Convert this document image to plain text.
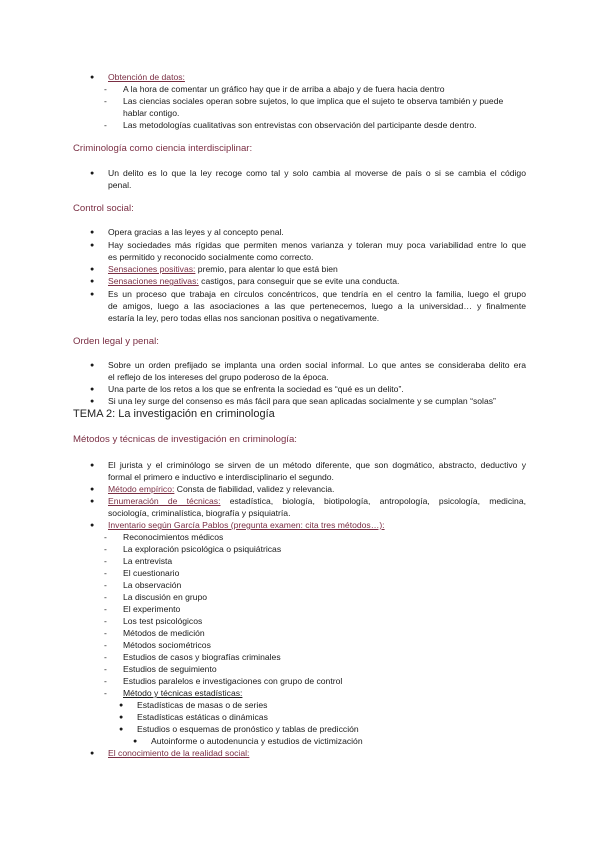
● Obtención de datos:
- A la hora de comentar un gráfico hay que ir de arriba a abajo y de fuera hacia dentro
- Las ciencias sociales operan sobre sujetos, lo que implica que el sujeto te observa también y puede
hablar contigo.
- Las metodologías cualitativas son entrevistas con observación del participante desde dentro.
Criminología como ciencia interdisciplinar:
● Un delito es lo que la ley recoge como tal y solo cambia al moverse de país o si se cambia el código
penal.
Control social:
● Opera gracias a las leyes y al concepto penal.
● Hay sociedades más rígidas que permiten menos varianza y toleran muy poca variabilidad entre lo que
es permitido y reconocido socialmente como correcto.
● Sensaciones positivas: premio, para alentar lo que está bien
● Sensaciones negativas: castigos, para conseguir que se evite una conducta.
● Es un proceso que trabaja en círculos concéntricos, que tendría en el centro la familia, luego el grupo
de amigos, luego a las asociaciones a las que pertenecemos, luego a la universidad… y finalmente
estaría la ley, pero todas ellas nos sancionan positiva o negativamente.
Orden legal y penal:
● Sobre un orden prefijado se implanta una orden social informal. Lo que antes se consideraba delito era
el reflejo de los intereses del grupo poderoso de la época.
● Una parte de los retos a los que se enfrenta la sociedad es “qué es un delito”.
● Si una ley surge del consenso es más fácil para que sean aplicadas socialmente y se cumplan “solas”
TEMA 2: La investigación en criminología
Métodos y técnicas de investigación en criminología:
● El jurista y el criminólogo se sirven de un método diferente, que son dogmático, abstracto, deductivo y
formal el primero e inductivo e interdisciplinario el segundo.
● Método empírico: Consta de fiabilidad, validez y relevancia.
● Enumeración de técnicas: estadística, biología, biotipología, antropología, psicología, medicina,
sociología, criminalística, biografía y psiquiatría.
● Inventario según García Pablos (pregunta examen: cita tres métodos…):
- Reconocimientos médicos
- La exploración psicológica o psiquiátricas
- La entrevista
- El cuestionario
- La observación
- La discusión en grupo
- El experimento
- Los test psicológicos
- Métodos de medición
- Métodos sociométricos
- Estudios de casos y biografías criminales
- Estudios de seguimiento
- Estudios paralelos e investigaciones con grupo de control
- Método y técnicas estadísticas:
● Estadísticas de masas o de series
● Estadísticas estáticas o dinámicas
● Estudios o esquemas de pronóstico y tablas de predicción
● Autoinforme o autodenuncia y estudios de victimización
● El conocimiento de la realidad social:
